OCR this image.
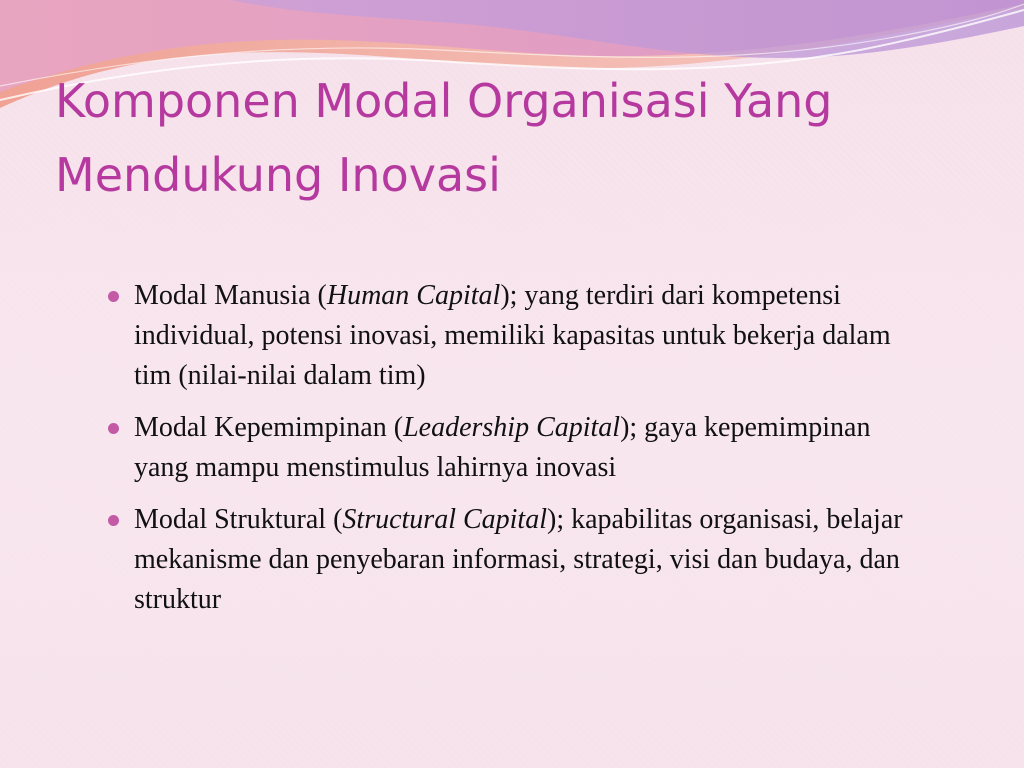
Komponen Modal Organisasi Yang Mendukung Inovasi
Modal Manusia (Human Capital); yang terdiri dari kompetensi individual, potensi inovasi, memiliki kapasitas untuk bekerja dalam tim (nilai-nilai dalam tim)
Modal Kepemimpinan (Leadership Capital); gaya kepemimpinan yang mampu menstimulus lahirnya inovasi
Modal Struktural (Structural Capital); kapabilitas organisasi, belajar mekanisme dan penyebaran informasi, strategi, visi dan budaya, dan struktur
